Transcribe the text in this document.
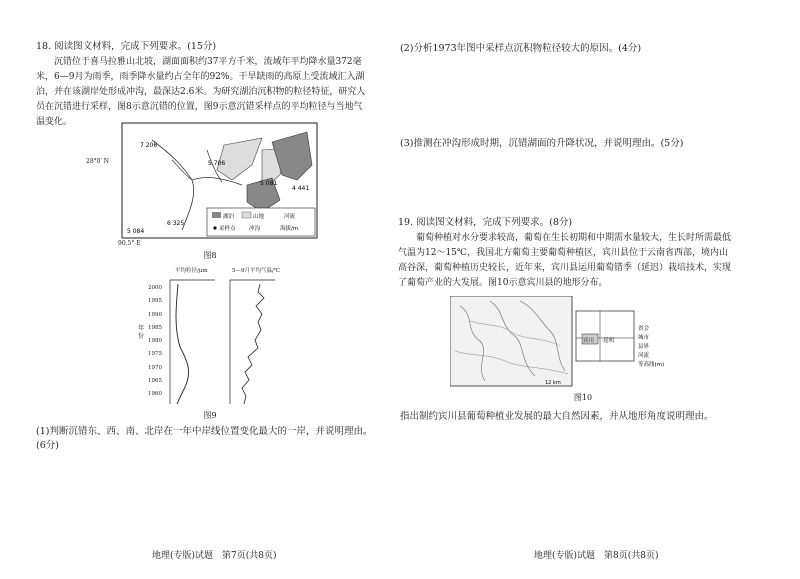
18. 阅读图文材料，完成下列要求。(15分)
沉错位于喜马拉雅山北坡，湖面面积约37平方千米，流域年平均降水量372毫米，6—9月为雨季，雨季降水量约占全年的92%。干旱缺雨的高原上受流域汇入湖泊，并在该湖岸处形成冲沟，最深达2.6米。为研究湖泊沉积物的粒径特征，研究人员在沉错进行采样，图8示意沉错的位置，图9示意沉错采样点的平均粒径与当地气温变化。
7 206
5 706
5 081
4 441
6 325
5 084
湖泊	山地	河流
采样点 冲沟	海拔/m
28°0′ N
90.5° E
图8
平均粒径/μm	5—9月平均气温/℃
2000
1995
1990
1985
1980
1975
1970
1965
1960
年份
图9
(1)判断沉错东、西、南、北岸在一年中岸线位置变化最大的一岸，并说明理由。(6分)
地理(专版)试题　第7页(共8页)
(2)分析1973年图中采样点沉积物粒径较大的原因。(4分)
(3)推测在冲沟形成时期，沉错湖面的升降状况，并说明理由。(5分)
19. 阅读图文材料，完成下列要求。(8分)
葡萄种植对水分要求较高，葡萄在生长初期和中期需水量较大，生长时所需最低气温为12～15℃，我国北方葡萄主要葡萄种植区，宾川县位于云南省西部，境内山高谷深，葡萄种植历史较长，近年来，宾川县运用葡萄错季（延迟）栽培技术，实现了葡萄产业的大发展。图10示意宾川县的地形分布。
省会
城市
县界
河流
等高线(m)
宾川 昆明
12 km
图10
指出制约宾川县葡萄种植业发展的最大自然因素，并从地形角度说明理由。
地理(专版)试题　第8页(共8页)
